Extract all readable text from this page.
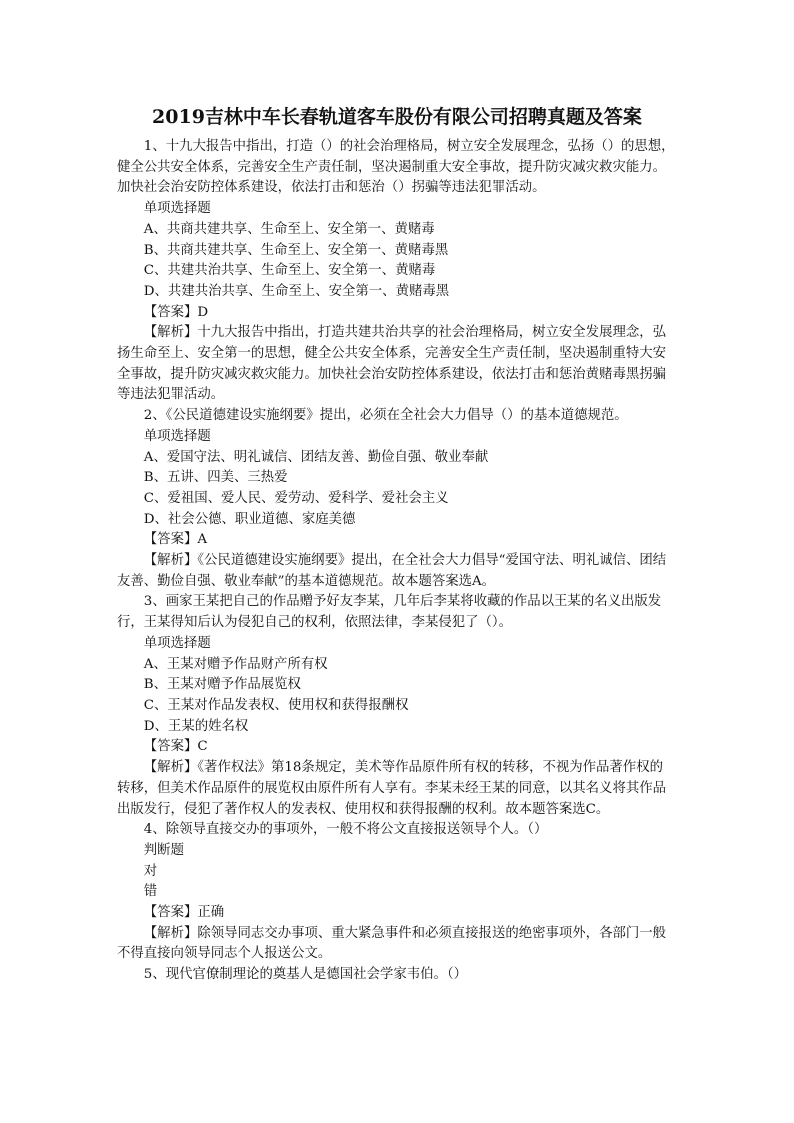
2019吉林中车长春轨道客车股份有限公司招聘真题及答案

1、十九大报告中指出，打造（）的社会治理格局，树立安全发展理念，弘扬（）的思想，健全公共安全体系，完善安全生产责任制，坚决遏制重大安全事故，提升防灾减灾救灾能力。加快社会治安防控体系建设，依法打击和惩治（）拐骗等违法犯罪活动。

单项选择题

A、共商共建共享、生命至上、安全第一、黄赌毒

B、共商共建共享、生命至上、安全第一、黄赌毒黑

C、共建共治共享、生命至上、安全第一、黄赌毒

D、共建共治共享、生命至上、安全第一、黄赌毒黑

【答案】D

【解析】十九大报告中指出，打造共建共治共享的社会治理格局，树立安全发展理念，弘扬生命至上、安全第一的思想，健全公共安全体系，完善安全生产责任制，坚决遏制重特大安全事故，提升防灾减灾救灾能力。加快社会治安防控体系建设，依法打击和惩治黄赌毒黑拐骗等违法犯罪活动。

2、《公民道德建设实施纲要》提出，必须在全社会大力倡导（）的基本道德规范。

单项选择题

A、爱国守法、明礼诚信、团结友善、勤俭自强、敬业奉献

B、五讲、四美、三热爱

C、爱祖国、爱人民、爱劳动、爱科学、爱社会主义

D、社会公德、职业道德、家庭美德

【答案】A

【解析】《公民道德建设实施纲要》提出，在全社会大力倡导“爱国守法、明礼诚信、团结友善、勤俭自强、敬业奉献”的基本道德规范。故本题答案选A。

3、画家王某把自己的作品赠予好友李某，几年后李某将收藏的作品以王某的名义出版发行，王某得知后认为侵犯自己的权利，依照法律，李某侵犯了（）。

单项选择题

A、王某对赠予作品财产所有权

B、王某对赠予作品展览权

C、王某对作品发表权、使用权和获得报酬权

D、王某的姓名权

【答案】C

【解析】《著作权法》第18条规定，美术等作品原件所有权的转移，不视为作品著作权的转移，但美术作品原件的展览权由原件所有人享有。李某未经王某的同意，以其名义将其作品出版发行，侵犯了著作权人的发表权、使用权和获得报酬的权利。故本题答案选C。

4、除领导直接交办的事项外，一般不将公文直接报送领导个人。（）

判断题

对

错

【答案】正确

【解析】除领导同志交办事项、重大紧急事件和必须直接报送的绝密事项外，各部门一般不得直接向领导同志个人报送公文。

5、现代官僚制理论的奠基人是德国社会学家韦伯。（）
